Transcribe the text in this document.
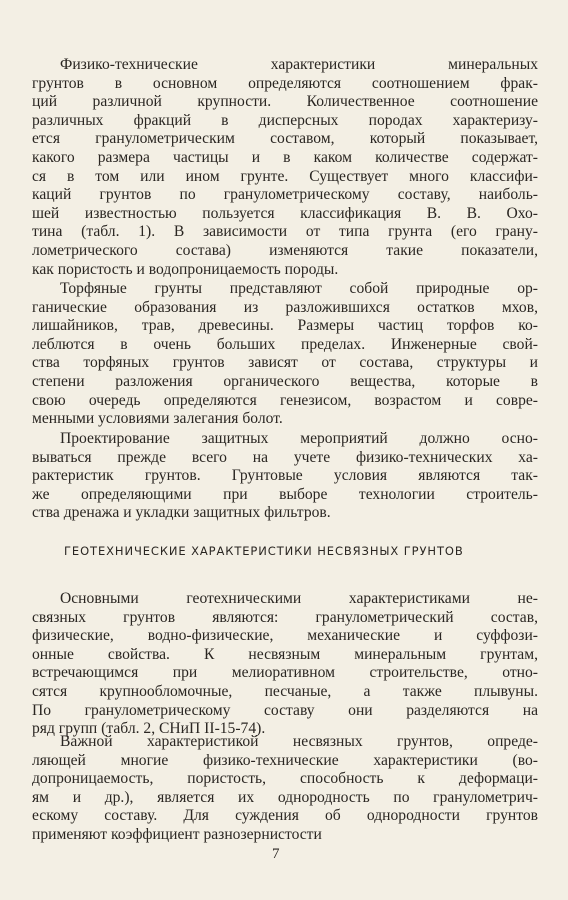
Физико-технические характеристики минеральных
грунтов в основном определяются соотношением фрак-
ций различной крупности. Количественное соотношение
различных фракций в дисперсных породах характеризу-
ется гранулометрическим составом, который показывает,
какого размера частицы и в каком количестве содержат-
ся в том или ином грунте. Существует много классифи-
каций грунтов по гранулометрическому составу, наиболь-
шей известностью пользуется классификация В. В. Охо-
тина (табл. 1). В зависимости от типа грунта (его грану-
лометрического состава) изменяются такие показатели,
как пористость и водопроницаемость породы.
Торфяные грунты представляют собой природные ор-
ганические образования из разложившихся остатков мхов,
лишайников, трав, древесины. Размеры частиц торфов ко-
леблются в очень больших пределах. Инженерные свой-
ства торфяных грунтов зависят от состава, структуры и
степени разложения органического вещества, которые в
свою очередь определяются генезисом, возрастом и совре-
менными условиями залегания болот.
Проектирование защитных мероприятий должно осно-
вываться прежде всего на учете физико-технических ха-
рактеристик грунтов. Грунтовые условия являются так-
же определяющими при выборе технологии строитель-
ства дренажа и укладки защитных фильтров.
ГЕОТЕХНИЧЕСКИЕ ХАРАКТЕРИСТИКИ НЕСВЯЗНЫХ ГРУНТОВ
Основными геотехническими характеристиками не-
связных грунтов являются: гранулометрический состав,
физические, водно-физические, механические и суффози-
онные свойства. К несвязным минеральным грунтам,
встречающимся при мелиоративном строительстве, отно-
сятся крупнообломочные, песчаные, а также плывуны.
По гранулометрическому составу они разделяются на
ряд групп (табл. 2, СНиП II-15-74).
Важной характеристикой несвязных грунтов, опреде-
ляющей многие физико-технические характеристики (во-
допроницаемость, пористость, способность к деформаци-
ям и др.), является их однородность по гранулометрич-
ескому составу. Для суждения об однородности грунтов
применяют коэффициент разнозернистости
7
